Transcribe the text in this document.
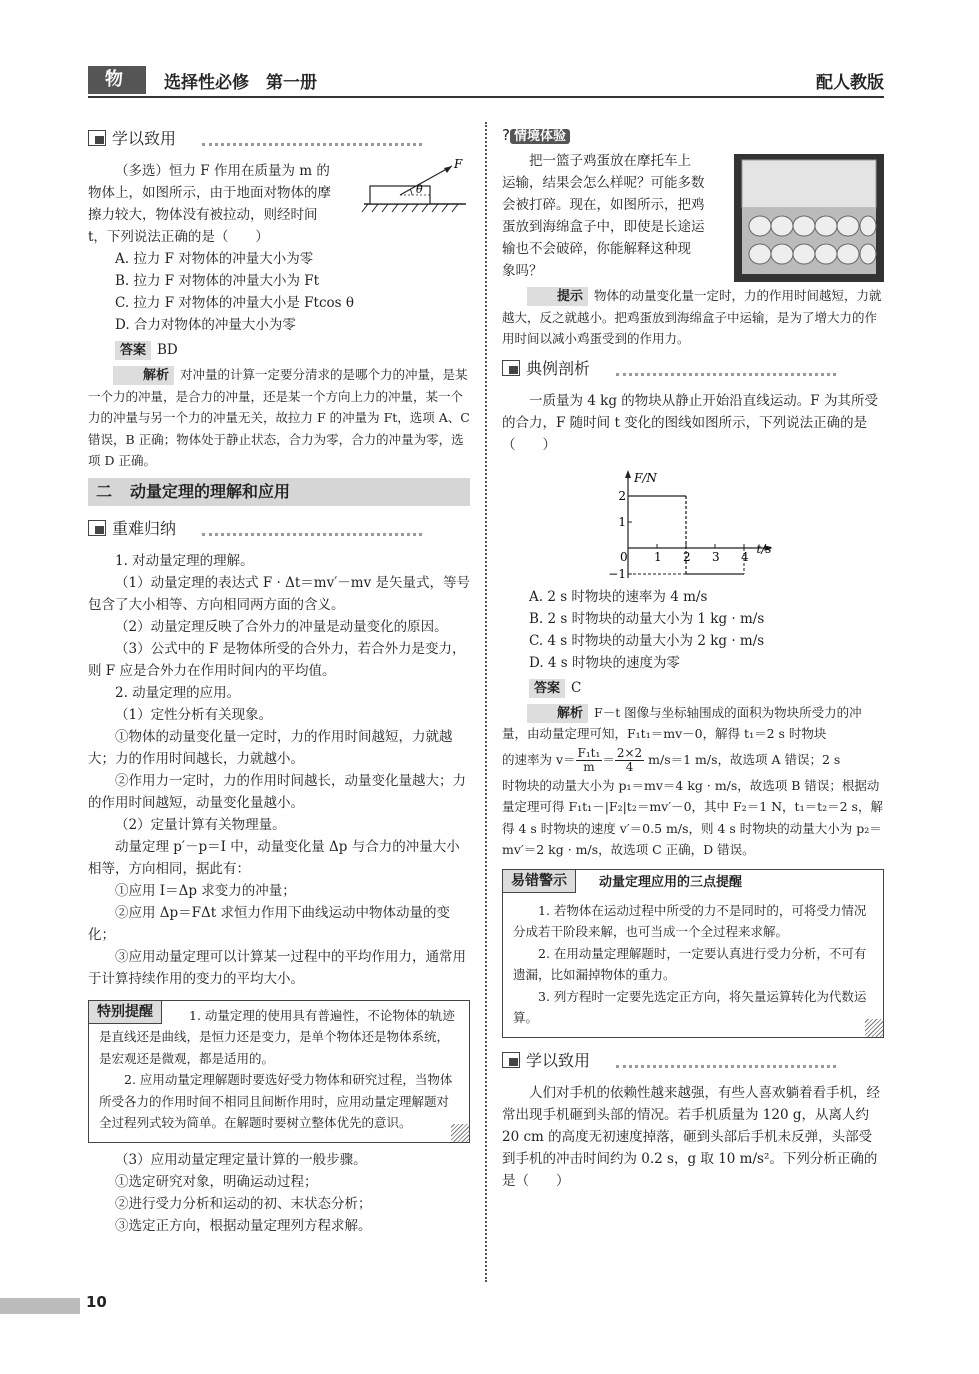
物 理
选择性必修　第一册	配人教版
学以致用
F
θ

（多选）恒力 F 作用在质量为 m 的

物体上，如图所示，由于地面对物体的摩

擦力较大，物体没有被拉动，则经时间

t，下列说法正确的是（　　）

A. 拉力 F 对物体的冲量大小为零

B. 拉力 F 对物体的冲量大小为 Ft

C. 拉力 F 对物体的冲量大小是 Ftcos θ

D. 合力对物体的冲量大小为零

答案 BD

解析 对冲量的计算一定要分清求的是哪个力的冲量，是某一个力的冲量，是合力的冲量，还是某一个方向上力的冲量，某一个力的冲量与另一个力的冲量无关，故拉力 F 的冲量为 Ft，选项 A、C 错误，B 正确；物体处于静止状态，合力为零，合力的冲量为零，选项 D 正确。

二 动量定理的理解和应用
重难归纳

1. 对动量定理的理解。

（1）动量定理的表达式 F · Δt＝mv′－mv 是矢量式，等号包含了大小相等、方向相同两方面的含义。

（2）动量定理反映了合外力的冲量是动量变化的原因。

（3）公式中的 F 是物体所受的合外力，若合外力是变力，则 F 应是合外力在作用时间内的平均值。

2. 动量定理的应用。

（1）定性分析有关现象。

①物体的动量变化量一定时，力的作用时间越短，力就越大；力的作用时间越长，力就越小。

②作用力一定时，力的作用时间越长，动量变化量越大；力的作用时间越短，动量变化量越小。

（2）定量计算有关物理量。

动量定理 p′－p＝I 中，动量变化量 Δp 与合力的冲量大小相等，方向相同，据此有：

①应用 I＝Δp 求变力的冲量；

②应用 Δp＝FΔt 求恒力作用下曲线运动中物体动量的变化；

③应用动量定理可以计算某一过程中的平均作用力，通常用于计算持续作用的变力的平均大小。

特别提醒	1. 动量定理的使用具有普遍性，不论物体的轨迹是直线还是曲线，是恒力还是变力，是单个物体还是物体系统，是宏观还是微观，都是适用的。

2. 应用动量定理解题时要选好受力物体和研究过程，当物体所受各力的作用时间不相同且间断作用时，应用动量定理解题对全过程列式较为简单。在解题时要树立整体优先的意识。

（3）应用动量定理定量计算的一般步骤。

①选定研究对象，明确运动过程；

②进行受力分析和运动的初、末状态分析；

③选定正方向，根据动量定理列方程求解。

? 情境体验

把一篮子鸡蛋放在摩托车上

运输，结果会怎么样呢？可能多数

会被打碎。现在，如图所示，把鸡

蛋放到海绵盒子中，即使是长途运

输也不会破碎，你能解释这种现

象吗？

提示 物体的动量变化量一定时，力的作用时间越短，力就越大，反之就越小。把鸡蛋放到海绵盒子中运输，是为了增大力的作用时间以减小鸡蛋受到的作用力。

典例剖析

一质量为 4 kg 的物块从静止开始沿直线运动。F 为其所受的合力，F 随时间 t 变化的图线如图所示，下列说法正确的是（　　）

F/N
t/s
0 1 2 3 4
2
1
−1

A. 2 s 时物块的速率为 4 m/s

B. 2 s 时物块的动量大小为 1 kg · m/s

C. 4 s 时物块的动量大小为 2 kg · m/s

D. 4 s 时物块的速度为零

答案 C

解析 F－t 图像与坐标轴围成的面积为物块所受力的冲量，由动量定理可知，F₁t₁＝mv－0，解得 t₁＝2 s 时物块

的速率为 $v= \frac{\text{F₁t₁}}{m} = \frac{2\times 2}{4} m/s=1$ m/s，故选项 A 错误；2 s

时物块的动量大小为 p₁＝mv＝4 kg · m/s，故选项 B 错误；根据动量定理可得 F₁t₁－|F₂|t₂＝mv′－0，其中 F₂＝1 N，t₁＝t₂＝2 s，解得 4 s 时物块的速度 v′＝0.5 m/s，则 4 s 时物块的动量大小为 p₂＝mv′＝2 kg · m/s，故选项 C 正确，D 错误。

易错警示	动量定理应用的三点提醒

1. 若物体在运动过程中所受的力不是同时的，可将受力情况分成若干阶段来解，也可当成一个全过程来求解。

2. 在用动量定理解题时，一定要认真进行受力分析，不可有遗漏，比如漏掉物体的重力。

3. 列方程时一定要先选定正方向，将矢量运算转化为代数运算。

学以致用

人们对手机的依赖性越来越强，有些人喜欢躺着看手机，经常出现手机砸到头部的情况。若手机质量为 120 g，从离人约 20 cm 的高度无初速度掉落，砸到头部后手机未反弹，头部受到手机的冲击时间约为 0.2 s，g 取 10 m/s²。下列分析正确的是（　　）

10
